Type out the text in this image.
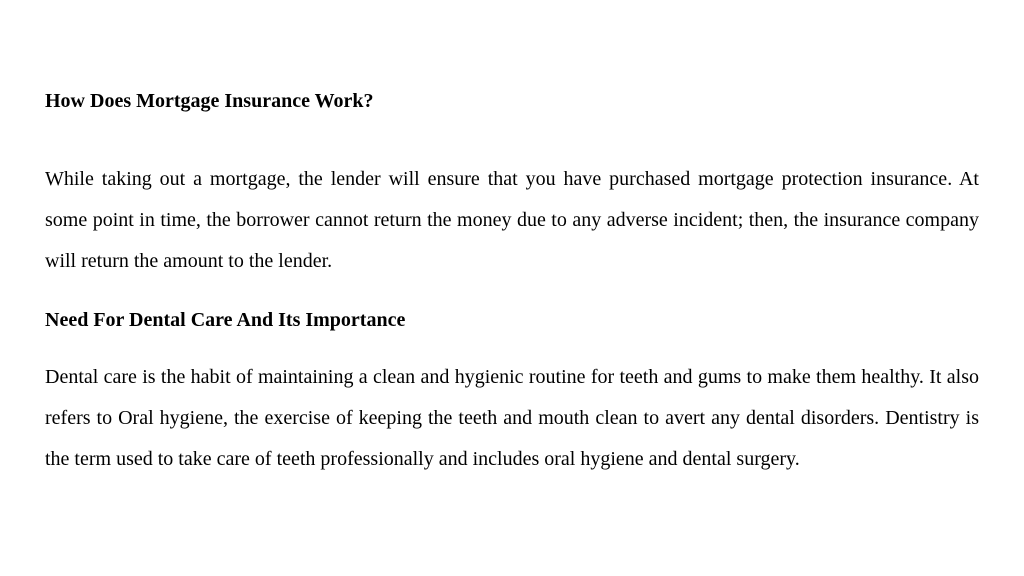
How Does Mortgage Insurance Work?

While taking out a mortgage, the lender will ensure that you have purchased mortgage protection insurance. At some point in time, the borrower cannot return the money due to any adverse incident; then, the insurance company will return the amount to the lender.

Need For Dental Care And Its Importance

Dental care is the habit of maintaining a clean and hygienic routine for teeth and gums to make them healthy. It also refers to Oral hygiene, the exercise of keeping the teeth and mouth clean to avert any dental disorders. Dentistry is the term used to take care of teeth professionally and includes oral hygiene and dental surgery.
